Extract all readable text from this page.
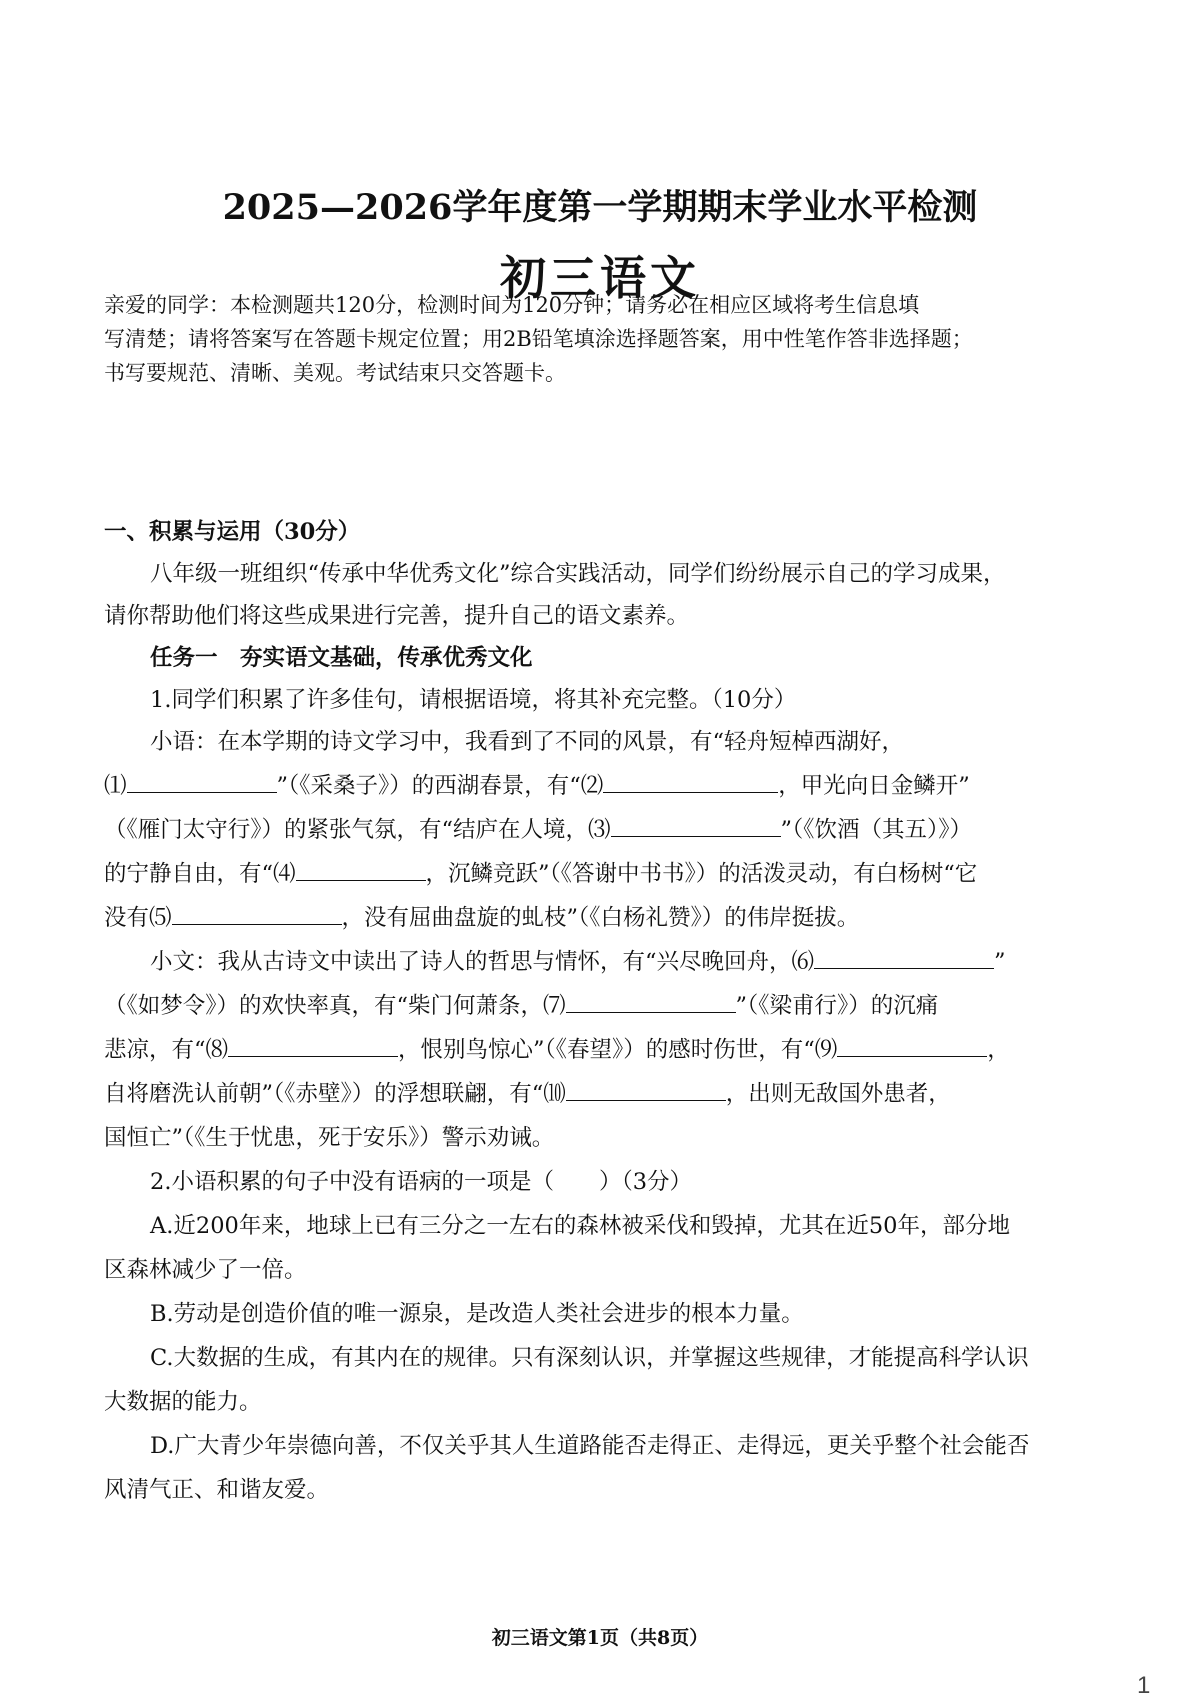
2025—2026学年度第一学期期末学业水平检测
初三语文
亲爱的同学：本检测题共120分，检测时间为120分钟；请务必在相应区域将考生信息填
写清楚；请将答案写在答题卡规定位置；用2B铅笔填涂选择题答案，用中性笔作答非选择题；
书写要规范、清晰、美观。考试结束只交答题卡。
一、积累与运用（30分）
八年级一班组织“传承中华优秀文化”综合实践活动，同学们纷纷展示自己的学习成果，
请你帮助他们将这些成果进行完善，提升自己的语文素养。
任务一　夯实语文基础，传承优秀文化
1.同学们积累了许多佳句，请根据语境，将其补充完整。（10分）
小语：在本学期的诗文学习中，我看到了不同的风景，有“轻舟短棹西湖好，
⑴	”（《采桑子》）的西湖春景，有“⑵	，甲光向日金鳞开”
（《雁门太守行》）的紧张气氛，有“结庐在人境，⑶	”（《饮酒（其五）》）
的宁静自由，有“⑷	，沉鳞竞跃”（《答谢中书书》）的活泼灵动，有白杨树“它
没有⑸	，没有屈曲盘旋的虬枝”（《白杨礼赞》）的伟岸挺拔。
小文：我从古诗文中读出了诗人的哲思与情怀，有“兴尽晚回舟，⑹	”
（《如梦令》）的欢快率真，有“柴门何萧条，⑺	”（《梁甫行》）的沉痛
悲凉，有“⑻	，恨别鸟惊心”（《春望》）的感时伤世，有“⑼	，
自将磨洗认前朝”（《赤壁》）的浮想联翩，有“⑽	，出则无敌国外患者，
国恒亡”（《生于忧患，死于安乐》）警示劝诫。
2.小语积累的句子中没有语病的一项是（　　）（3分）
A.近200年来，地球上已有三分之一左右的森林被采伐和毁掉，尤其在近50年，部分地
区森林减少了一倍。
B.劳动是创造价值的唯一源泉，是改造人类社会进步的根本力量。
C.大数据的生成，有其内在的规律。只有深刻认识，并掌握这些规律，才能提高科学认识
大数据的能力。
D.广大青少年崇德向善，不仅关乎其人生道路能否走得正、走得远，更关乎整个社会能否
风清气正、和谐友爱。
初三语文第1页（共8页）
1
